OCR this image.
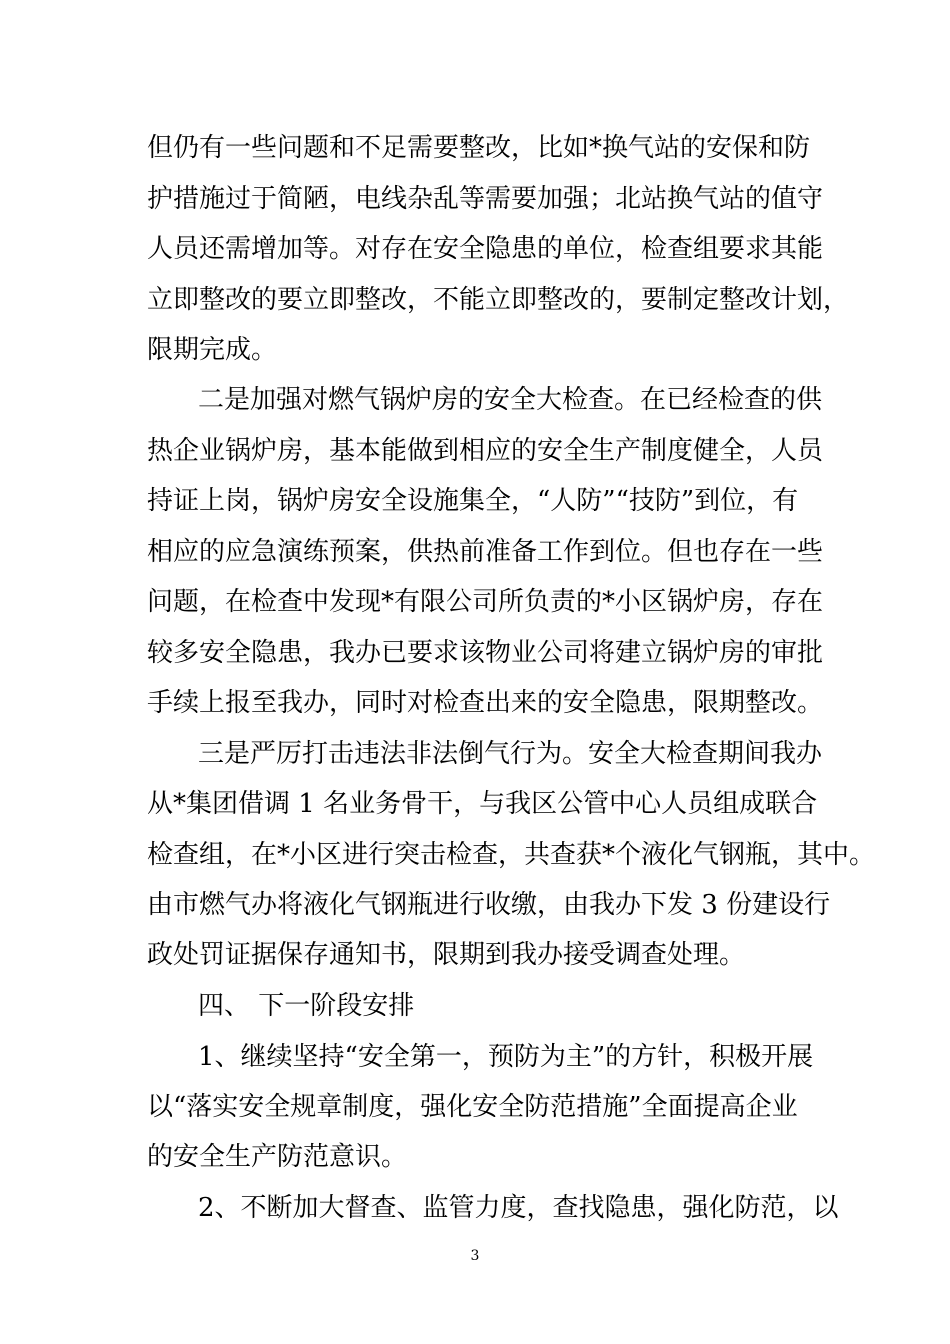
但仍有一些问题和不足需要整改，比如*换气站的安保和防
护措施过于简陋，电线杂乱等需要加强；北站换气站的值守
人员还需增加等。对存在安全隐患的单位，检查组要求其能
立即整改的要立即整改，不能立即整改的，要制定整改计划，
限期完成。
二是加强对燃气锅炉房的安全大检查。在已经检查的供
热企业锅炉房，基本能做到相应的安全生产制度健全，人员
持证上岗，锅炉房安全设施集全，“人防”“技防”到位，有
相应的应急演练预案，供热前准备工作到位。但也存在一些
问题，在检查中发现*有限公司所负责的*小区锅炉房，存在
较多安全隐患，我办已要求该物业公司将建立锅炉房的审批
手续上报至我办，同时对检查出来的安全隐患，限期整改。
三是严厉打击违法非法倒气行为。安全大检查期间我办
从*集团借调 1 名业务骨干，与我区公管中心人员组成联合
检查组，在*小区进行突击检查，共查获*个液化气钢瓶，其中。
由市燃气办将液化气钢瓶进行收缴，由我办下发 3 份建设行
政处罚证据保存通知书，限期到我办接受调查处理。
四、 下一阶段安排
1、继续坚持“安全第一，预防为主”的方针，积极开展
以“落实安全规章制度，强化安全防范措施”全面提高企业
的安全生产防范意识。
2、不断加大督查、监管力度，查找隐患，强化防范，以
3
